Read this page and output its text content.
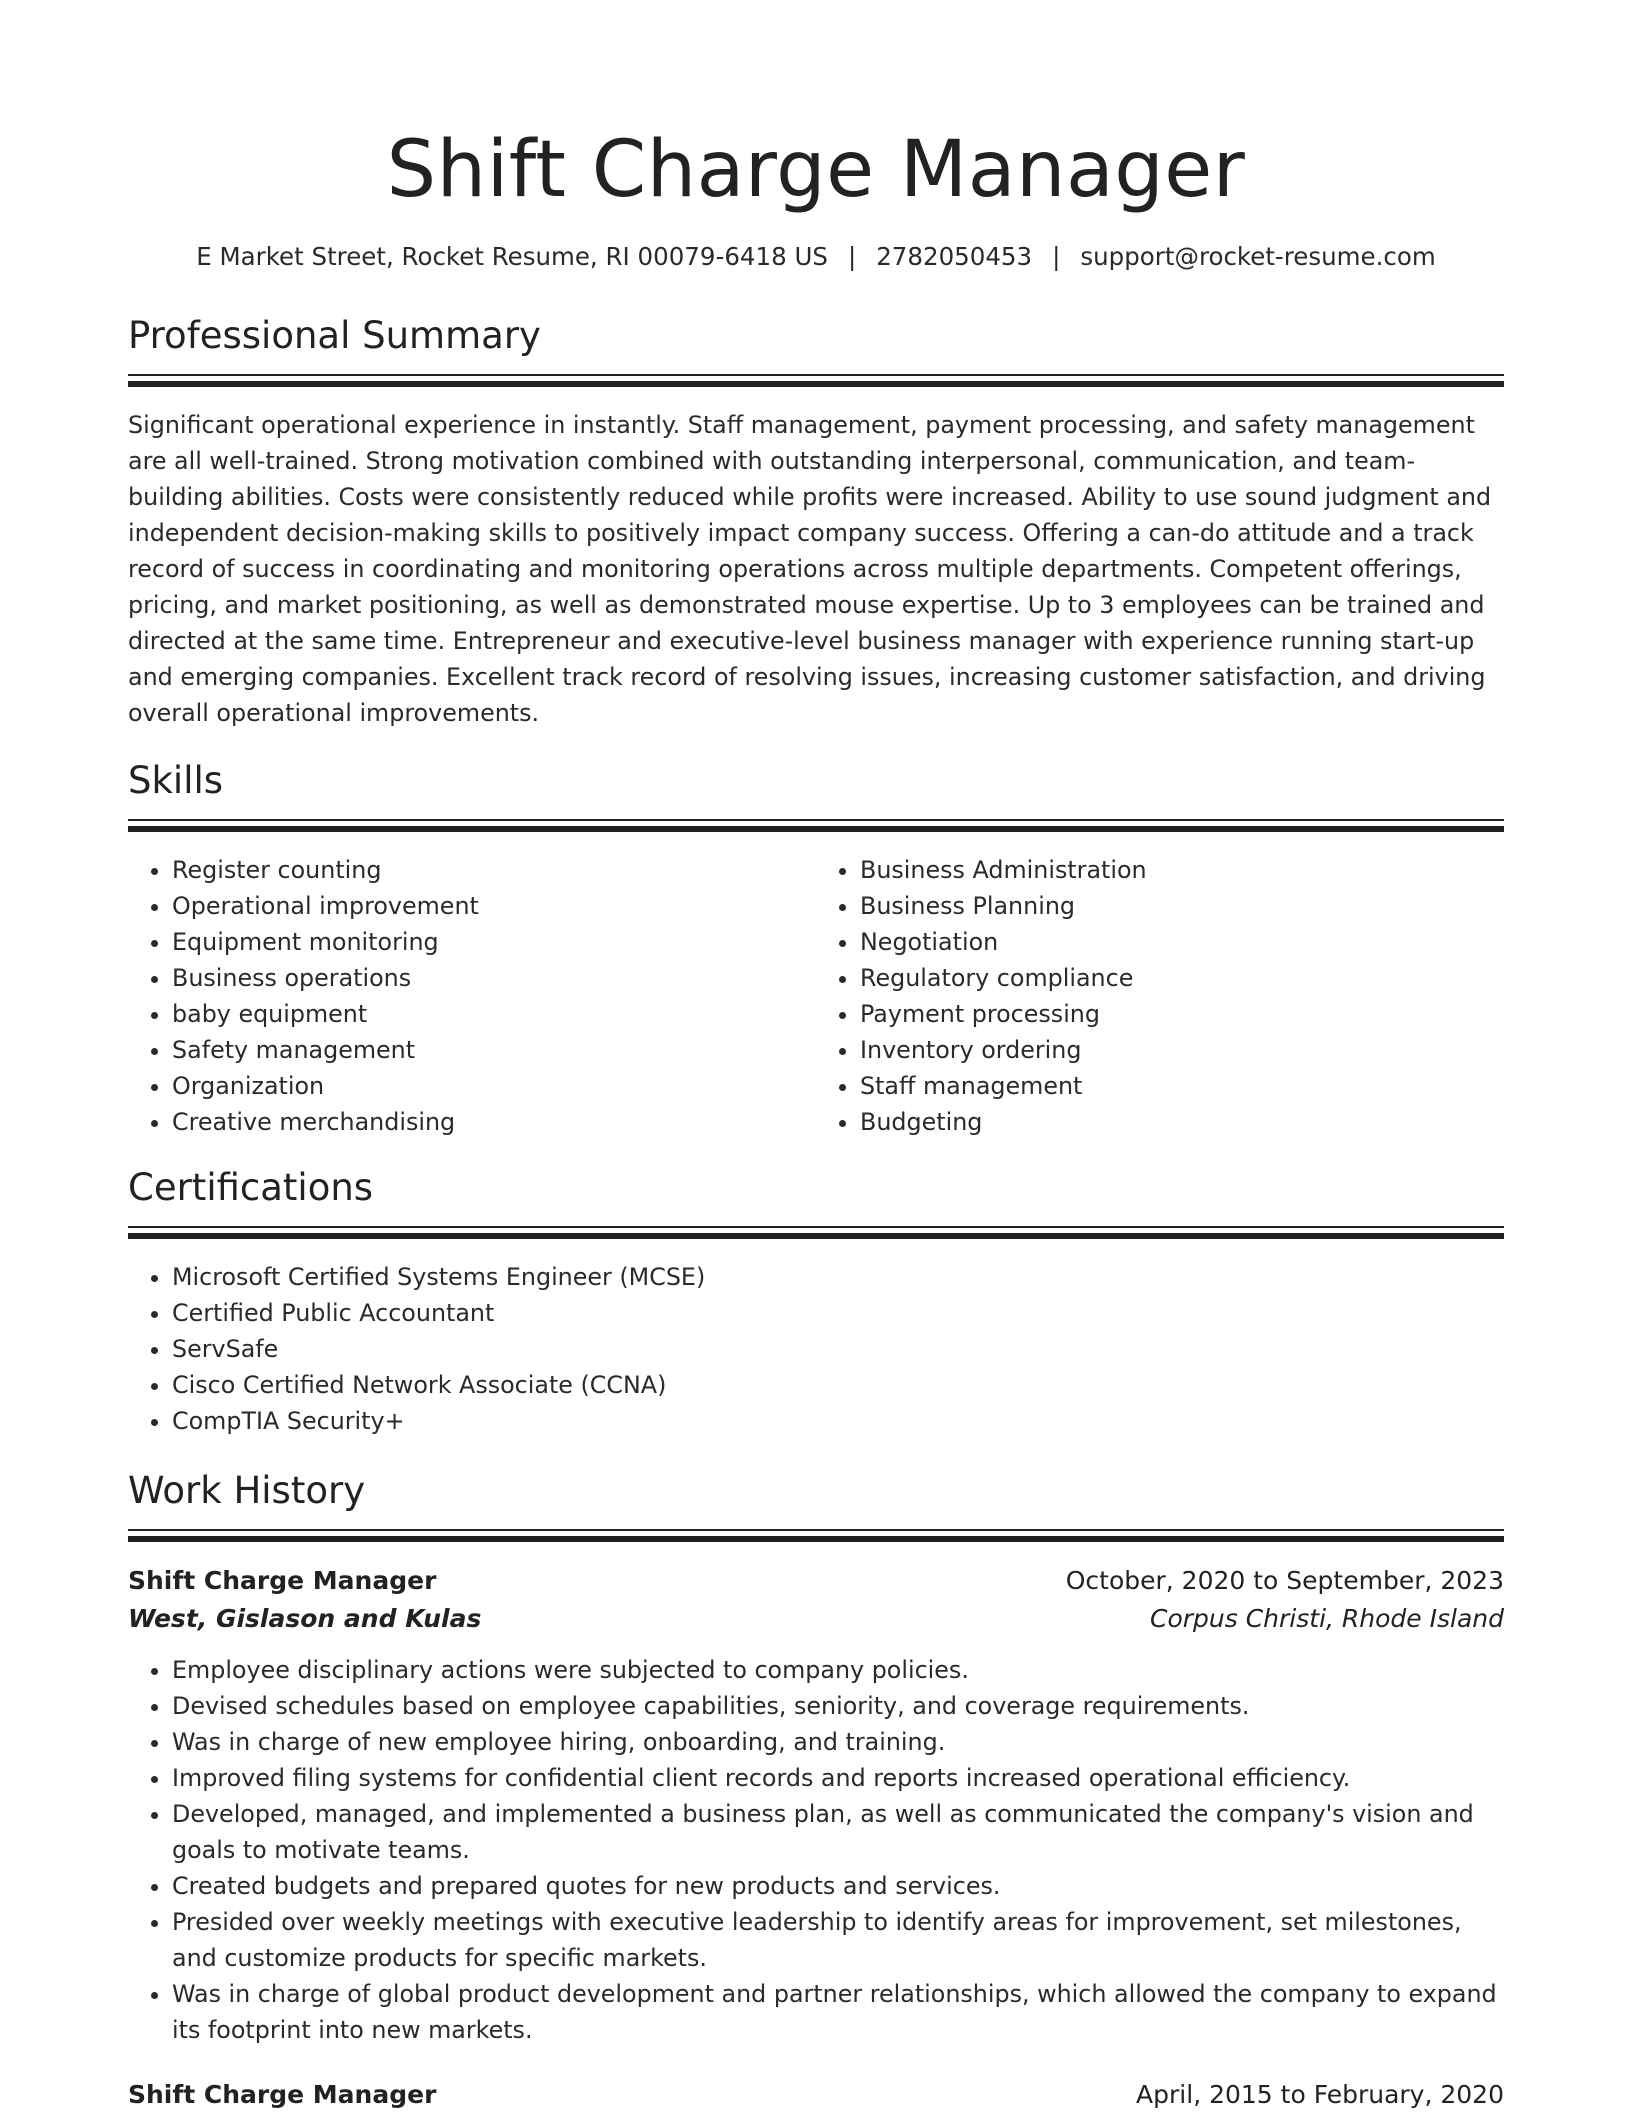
Shift Charge Manager
E Market Street, Rocket Resume, RI 00079-6418 US | 2782050453 | support@rocket-resume.com
Professional Summary

Significant operational experience in instantly. Staff management, payment processing, and safety management are all well-trained. Strong motivation combined with outstanding interpersonal, communication, and team-building abilities. Costs were consistently reduced while profits were increased. Ability to use sound judgment and independent decision-making skills to positively impact company success. Offering a can-do attitude and a track record of success in coordinating and monitoring operations across multiple departments. Competent offerings, pricing, and market positioning, as well as demonstrated mouse expertise. Up to 3 employees can be trained and directed at the same time. Entrepreneur and executive-level business manager with experience running start-up and emerging companies. Excellent track record of resolving issues, increasing customer satisfaction, and driving overall operational improvements.

Skills
• Register counting
• Operational improvement
• Equipment monitoring
• Business operations
• baby equipment
• Safety management
• Organization
• Creative merchandising
• Business Administration
• Business Planning
• Negotiation
• Regulatory compliance
• Payment processing
• Inventory ordering
• Staff management
• Budgeting
Certifications
• Microsoft Certified Systems Engineer (MCSE)
• Certified Public Accountant
• ServSafe
• Cisco Certified Network Associate (CCNA)
• CompTIA Security+
Work History
Shift Charge Manager	October, 2020 to September, 2023
West, Gislason and Kulas	Corpus Christi, Rhode Island
• Employee disciplinary actions were subjected to company policies.
• Devised schedules based on employee capabilities, seniority, and coverage requirements.
• Was in charge of new employee hiring, onboarding, and training.
• Improved filing systems for confidential client records and reports increased operational efficiency.
• Developed, managed, and implemented a business plan, as well as communicated the company's vision and goals to motivate teams.
• Created budgets and prepared quotes for new products and services.
• Presided over weekly meetings with executive leadership to identify areas for improvement, set milestones, and customize products for specific markets.
• Was in charge of global product development and partner relationships, which allowed the company to expand its footprint into new markets.
Shift Charge Manager	April, 2015 to February, 2020
